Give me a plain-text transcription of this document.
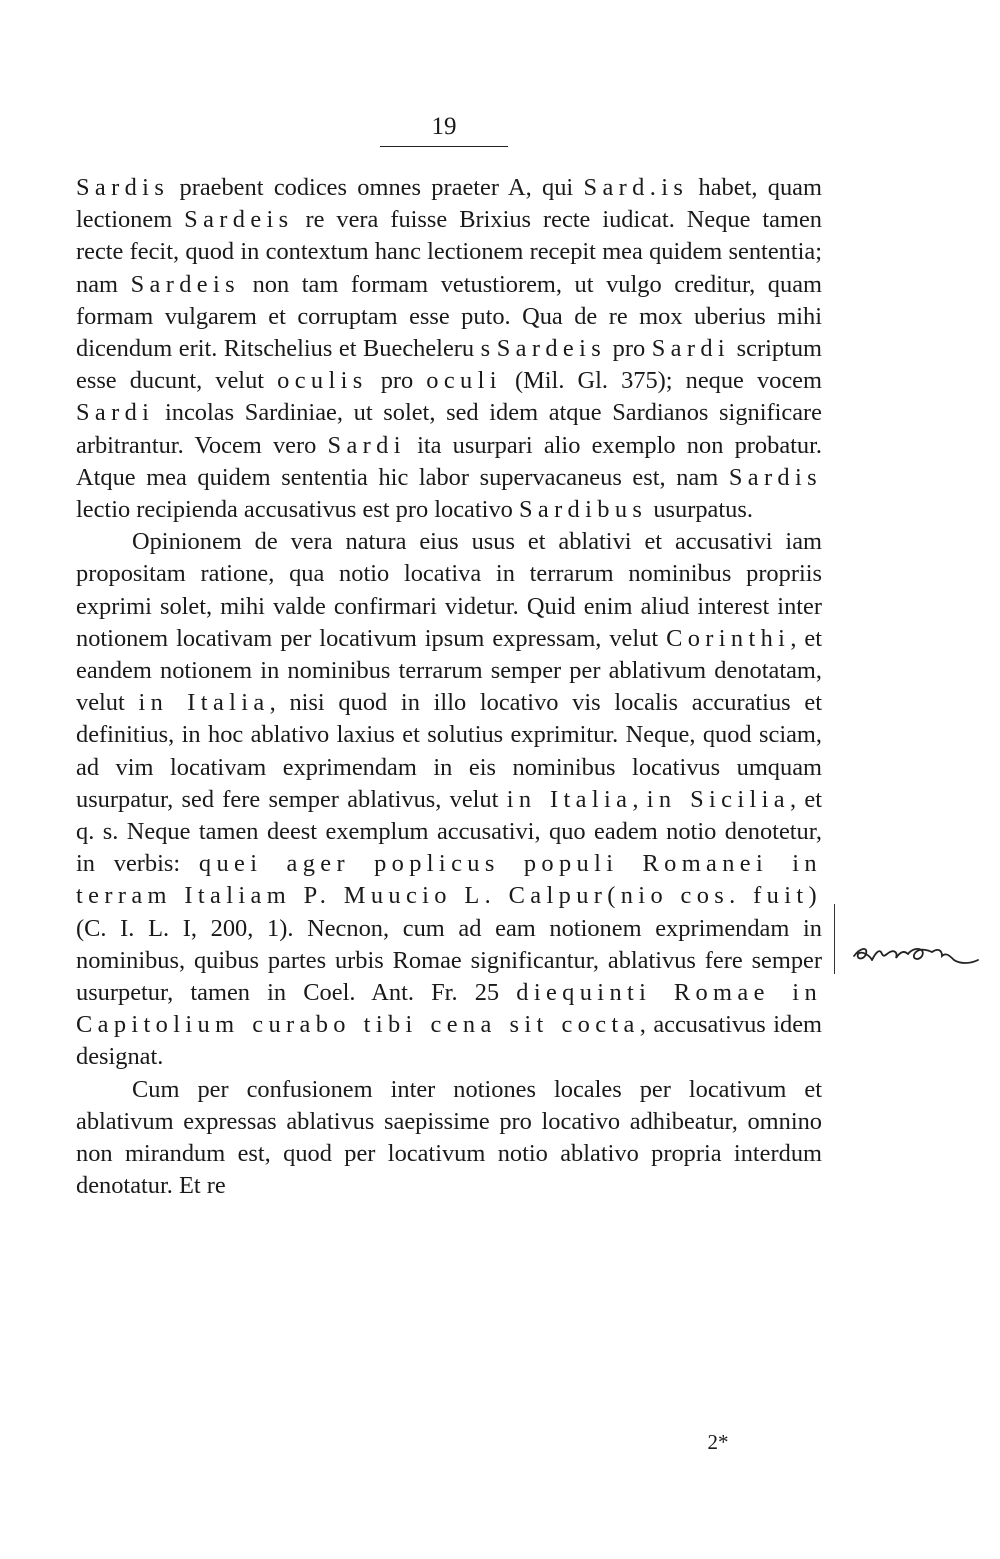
19

Sardis praebent codices omnes praeter A, qui Sard.is habet, quam lectionem Sardeis re vera fuisse Brixius recte iudicat. Neque tamen recte fecit, quod in contextum hanc lectionem recepit mea quidem sententia; nam Sardeis non tam formam vetustiorem, ut vulgo creditur, quam formam vulgarem et corruptam esse puto. Qua de re mox uberius mihi dicendum erit. Ritschelius et Buecheleru s Sardeis pro Sardi scriptum esse ducunt, velut oculis pro oculi (Mil. Gl. 375); neque vocem Sardi incolas Sardiniae, ut solet, sed idem atque Sardianos significare arbitrantur. Vocem vero Sardi ita usurpari alio exemplo non probatur. Atque mea quidem sententia hic labor supervacaneus est, nam Sardis lectio recipienda accusativus est pro locativo Sardibus usurpatus.

Opinionem de vera natura eius usus et ablativi et accusativi iam propositam ratione, qua notio locativa in terrarum nominibus propriis exprimi solet, mihi valde confirmari videtur. Quid enim aliud interest inter notionem locativam per locativum ipsum expressam, velut Corinthi, et eandem notionem in nominibus terrarum semper per ablativum denotatam, velut in Italia, nisi quod in illo locativo vis localis accuratius et definitius, in hoc ablativo laxius et solutius exprimitur. Neque, quod sciam, ad vim locativam exprimendam in eis nominibus locativus umquam usurpatur, sed fere semper ablativus, velut in Italia, in Sicilia, et q. s. Neque tamen deest exemplum accusativi, quo eadem notio denotetur, in verbis: quei ager poplicus populi Romanei in terram Italiam P. Muucio L. Calpur(nio cos. fuit) (C. I. L. I, 200, 1). Necnon, cum ad eam notionem exprimendam in nominibus, quibus partes urbis Romae significantur, ablativus fere semper usurpetur, tamen in Coel. Ant. Fr. 25 diequinti Romae in Capitolium curabo tibi cena sit cocta, accusativus idem designat.

Cum per confusionem inter notiones locales per locativum et ablativum expressas ablativus saepissime pro locativo adhibeatur, omnino non mirandum est, quod per locativum notio ablativo propria interdum denotatur. Et re

2*
